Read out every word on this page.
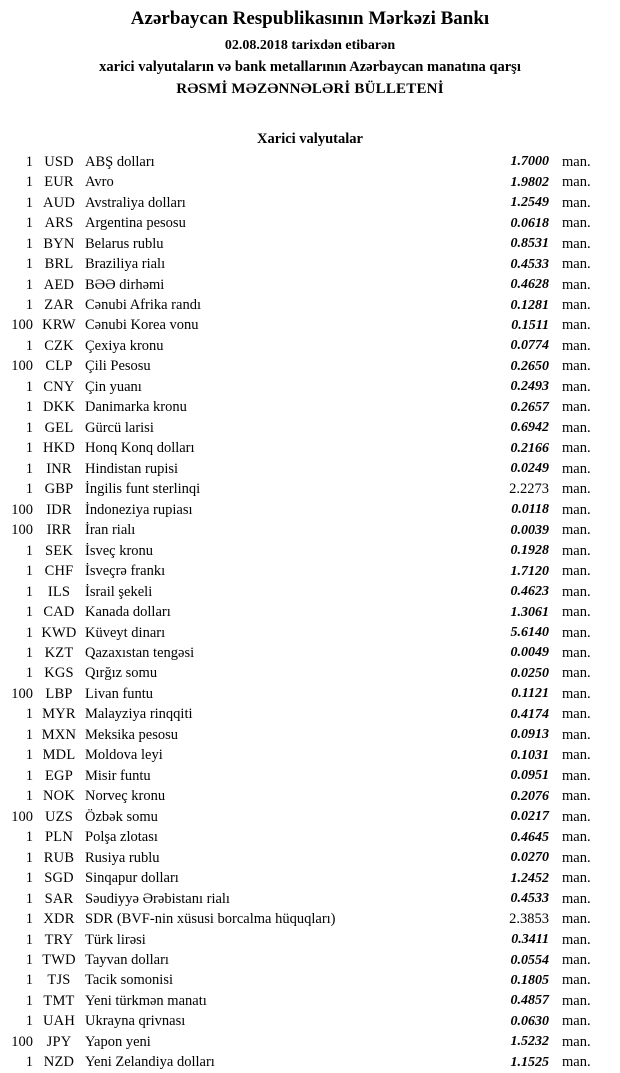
Azərbaycan Respublikasının Mərkəzi Bankı
02.08.2018 tarixdən etibarən
xarici valyutaların və bank metallarının Azərbaycan manatına qarşı
RƏSMİ MƏZƏNNƏLƏRİ BÜLLETENİ
Xarici valyutalar
1 USD ABŞ dolları	1.7000 man.
1 EUR Avro	1.9802 man.
1 AUD Avstraliya dolları	1.2549 man.
1 ARS Argentina pesosu	0.0618 man.
1 BYN Belarus rublu	0.8531 man.
1 BRL Braziliya rialı	0.4533 man.
1 AED BƏƏ dirhəmi	0.4628 man.
1 ZAR Cənubi Afrika randı	0.1281 man.
100 KRW Cənubi Korea vonu	0.1511 man.
1 CZK Çexiya kronu	0.0774 man.
100 CLP Çili Pesosu	0.2650 man.
1 CNY Çin yuanı	0.2493 man.
1 DKK Danimarka kronu	0.2657 man.
1 GEL Gürcü larisi	0.6942 man.
1 HKD Honq Konq dolları	0.2166 man.
1 INR Hindistan rupisi	0.0249 man.
1 GBP İngilis funt sterlinqi	2.2273 man.
100 IDR İndoneziya rupiası	0.0118 man.
100 IRR İran rialı	0.0039 man.
1 SEK İsveç kronu	0.1928 man.
1 CHF İsveçrə frankı	1.7120 man.
1	ILS	İsrail şekeli	0.4623 man.
1 CAD Kanada dolları	1.3061 man.
1 KWD Küveyt dinarı	5.6140 man.
1 KZT Qazaxıstan tengəsi	0.0049 man.
1 KGS Qırğız somu	0.0250 man.
100 LBP Livan funtu	0.1121 man.
1 MYR Malayziya rinqqiti	0.4174 man.
1 MXN Meksika pesosu	0.0913 man.
1 MDL Moldova leyi	0.1031 man.
1 EGP Misir funtu	0.0951 man.
1 NOK Norveç kronu	0.2076 man.
100 UZS Özbək somu	0.0217 man.
1 PLN Polşa zlotası	0.4645 man.
1 RUB Rusiya rublu	0.0270 man.
1 SGD Sinqapur dolları	1.2452 man.
1 SAR Səudiyyə Ərəbistanı rialı	0.4533 man.
1 XDR SDR (BVF-nin xüsusi borcalma hüquqları)	2.3853 man.
1 TRY Türk lirəsi	0.3411 man.
1 TWD Tayvan dolları	0.0554 man.
1 TJS Tacik somonisi	0.1805 man.
1 TMT Yeni türkmən manatı	0.4857 man.
1 UAH Ukrayna qrivnası	0.0630 man.
100 JPY Yapon yeni	1.5232 man.
1 NZD Yeni Zelandiya dolları	1.1525 man.
